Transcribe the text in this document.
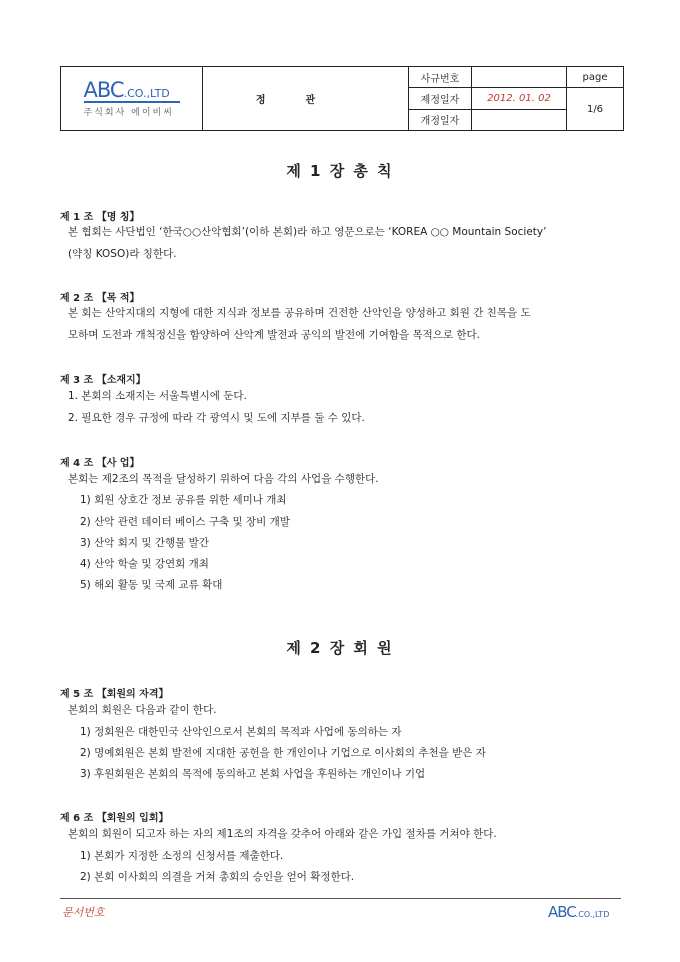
ABC.CO.,LTD
주식회사 에이비씨	정관	사규번호		page
		제정일자	2012. 01. 02	1/6
		개정일자		
제 1 장 총 칙
제 1 조 【명 칭】
본 협회는 사단법인 ‘한국○○산악협회’(이하 본회)라 하고 영문으로는 ‘KOREA ○○ Mountain Society’
(약칭 KOSO)라 칭한다.
제 2 조 【목 적】
본 회는 산악지대의 지형에 대한 지식과 정보를 공유하며 건전한 산악인을 양성하고 회원 간 친목을 도
모하며 도전과 개척정신을 함양하여 산악계 발전과 공익의 발전에 기여함을 목적으로 한다.
제 3 조 【소재지】
1. 본회의 소재지는 서울특별시에 둔다.
2. 필요한 경우 규정에 따라 각 광역시 및 도에 지부를 둘 수 있다.
제 4 조 【사 업】
본회는 제2조의 목적을 달성하기 위하여 다음 각의 사업을 수행한다.
1) 회원 상호간 정보 공유를 위한 세미나 개최
2) 산악 관련 데이터 베이스 구축 및 장비 개발
3) 산악 회지 및 간행물 발간
4) 산악 학술 및 강연회 개최
5) 해외 활동 및 국제 교류 확대
제 2 장 회 원
제 5 조 【회원의 자격】
본회의 회원은 다음과 같이 한다.
1) 정회원은 대한민국 산악인으로서 본회의 목적과 사업에 동의하는 자
2) 명예회원은 본회 발전에 지대한 공헌을 한 개인이나 기업으로 이사회의 추천을 받은 자
3) 후원회원은 본회의 목적에 동의하고 본회 사업을 후원하는 개인이나 기업
제 6 조 【회원의 입회】
본회의 회원이 되고자 하는 자의 제1조의 자격을 갖추어 아래와 같은 가입 절차를 거쳐야 한다.
1) 본회가 지정한 소정의 신청서를 제출한다.
2) 본회 이사회의 의결을 거쳐 총회의 승인을 얻어 확정한다.
문서번호	ABC.CO.,LTD
